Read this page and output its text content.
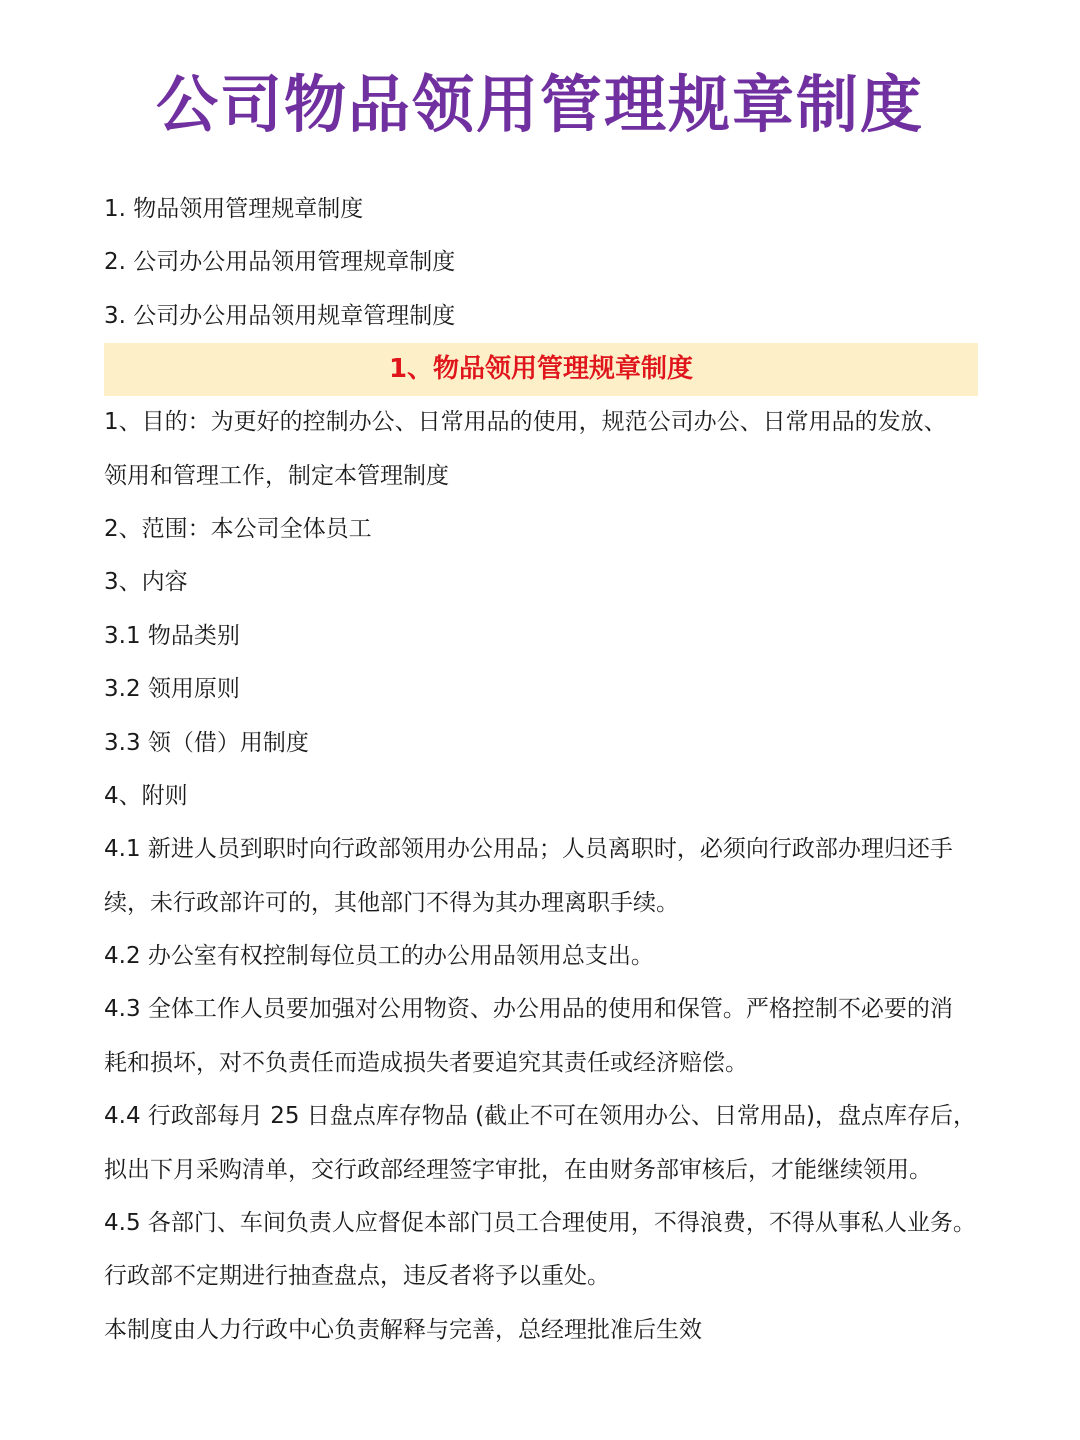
公司物品领用管理规章制度

1. 物品领用管理规章制度

2. 公司办公用品领用管理规章制度

3. 公司办公用品领用规章管理制度

1、物品领用管理规章制度

1、目的：为更好的控制办公、日常用品的使用，规范公司办公、日常用品的发放、

领用和管理工作，制定本管理制度

2、范围：本公司全体员工

3、内容

3.1 物品类别

3.2 领用原则

3.3 领（借）用制度

4、附则

4.1 新进人员到职时向行政部领用办公用品；人员离职时，必须向行政部办理归还手

续，未行政部许可的，其他部门不得为其办理离职手续。

4.2 办公室有权控制每位员工的办公用品领用总支出。

4.3 全体工作人员要加强对公用物资、办公用品的使用和保管。严格控制不必要的消

耗和损坏，对不负责任而造成损失者要追究其责任或经济赔偿。

4.4 行政部每月 25 日盘点库存物品 (截止不可在领用办公、日常用品)，盘点库存后，

拟出下月采购清单，交行政部经理签字审批，在由财务部审核后，才能继续领用。

4.5 各部门、车间负责人应督促本部门员工合理使用，不得浪费，不得从事私人业务。

行政部不定期进行抽查盘点，违反者将予以重处。

本制度由人力行政中心负责解释与完善，总经理批准后生效
